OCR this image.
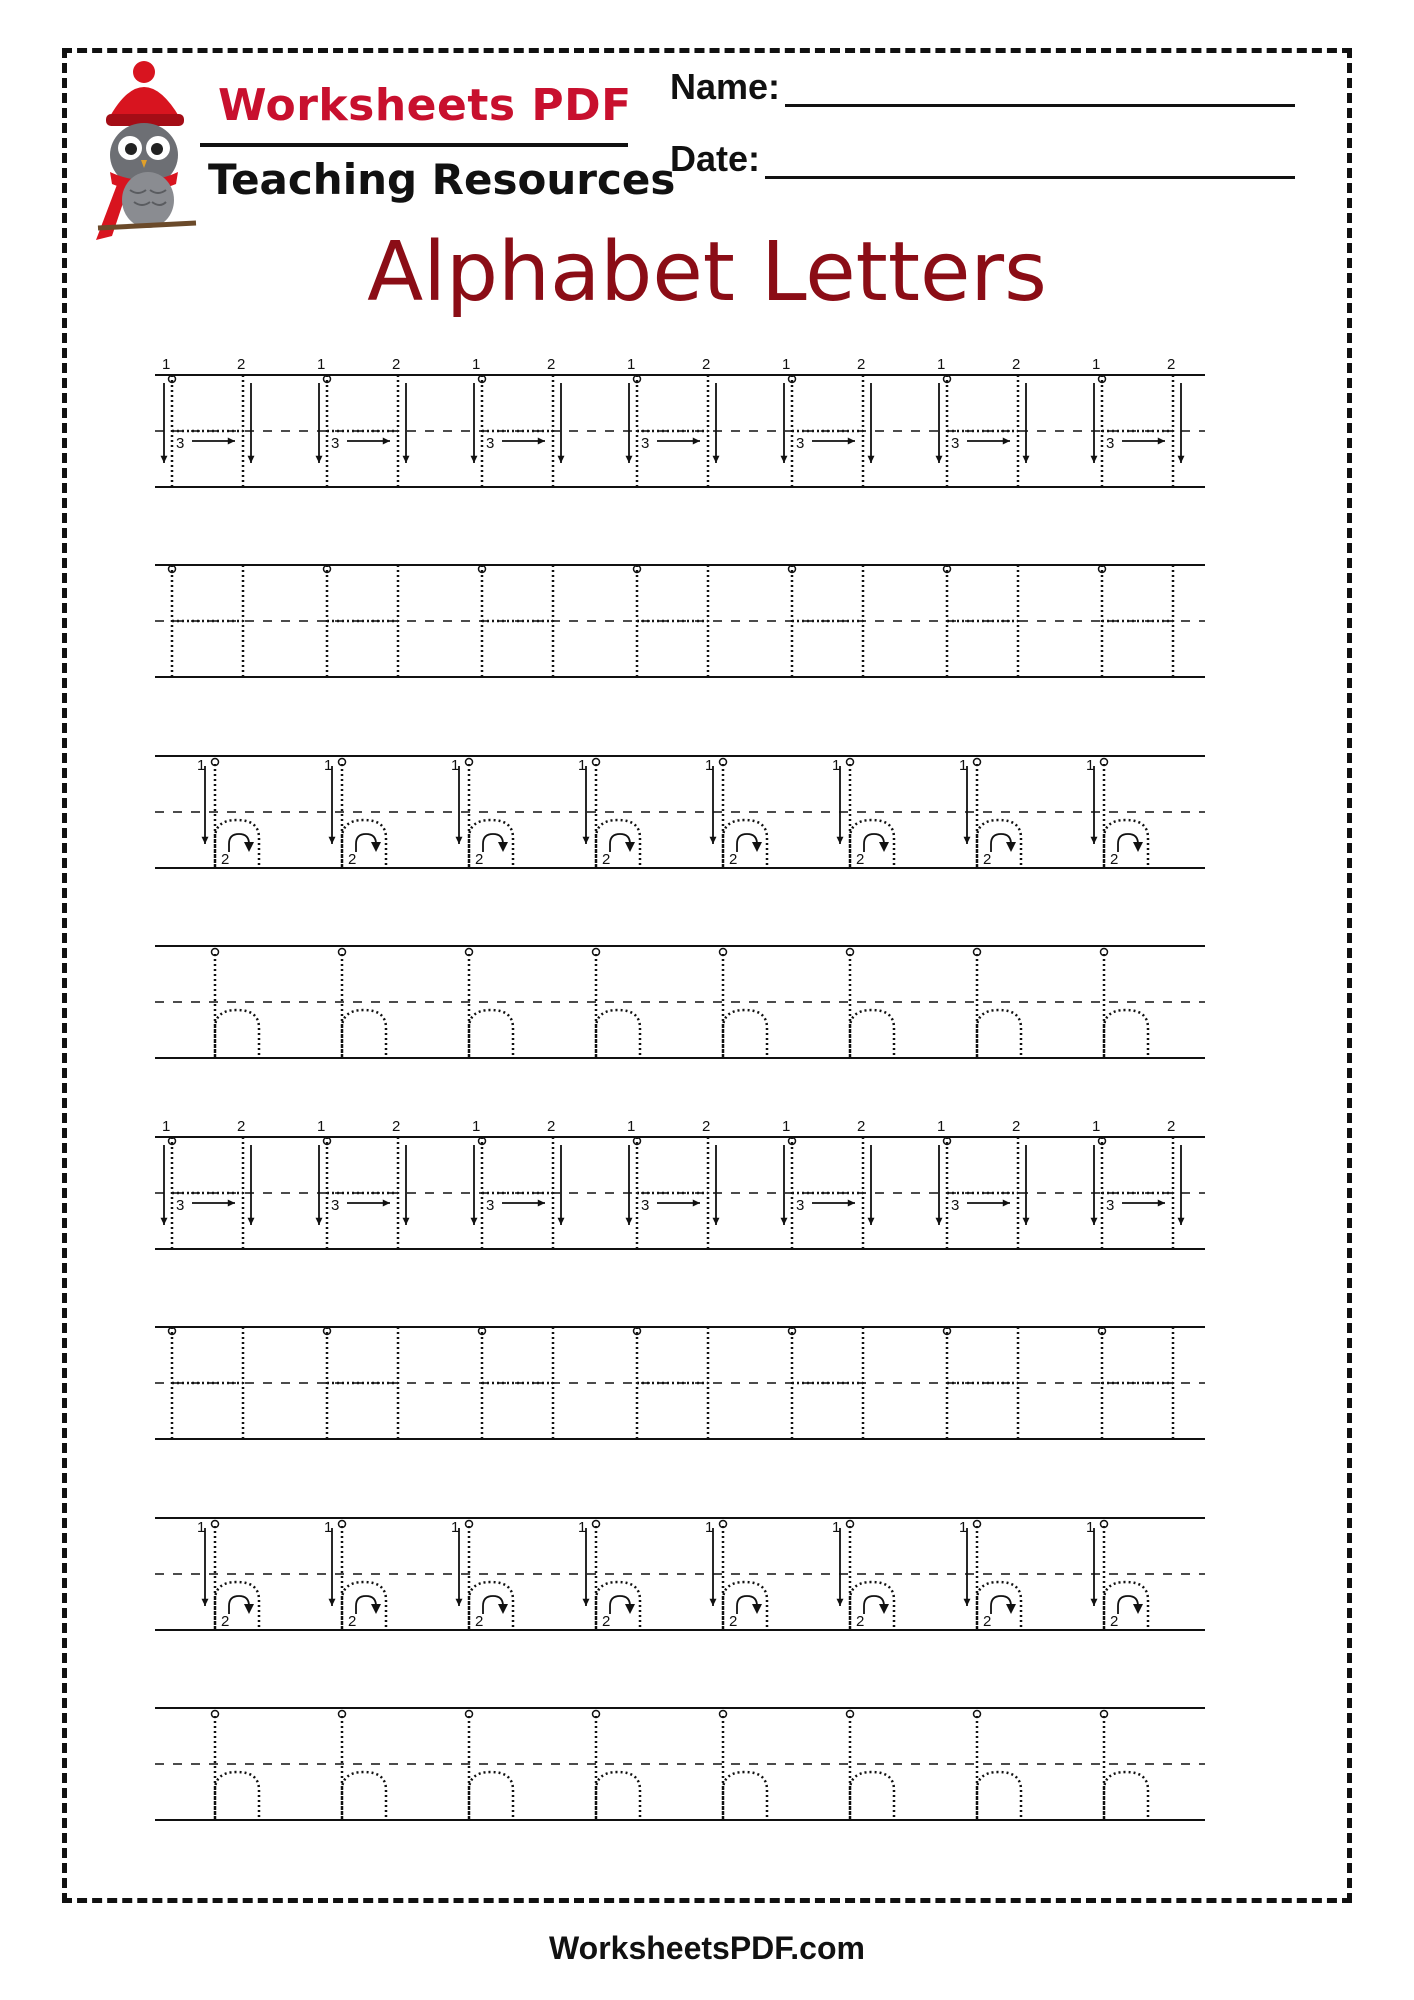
Worksheets PDF
Teaching Resources
Name:
Date:
Alphabet Letters
1	2
3
1	2
3
1	2
3
1	2
3
1	2
3
1	2
3
1	2
3
1
2
1
2
1
2
1
2
1
2
1
2
1
2
1
2
1	2
3
1	2
3
1	2
3
1	2
3
1	2
3
1	2
3
1	2
3
1
2
1
2
1
2
1
2
1
2
1
2
1
2
1
2
WorksheetsPDF.com
